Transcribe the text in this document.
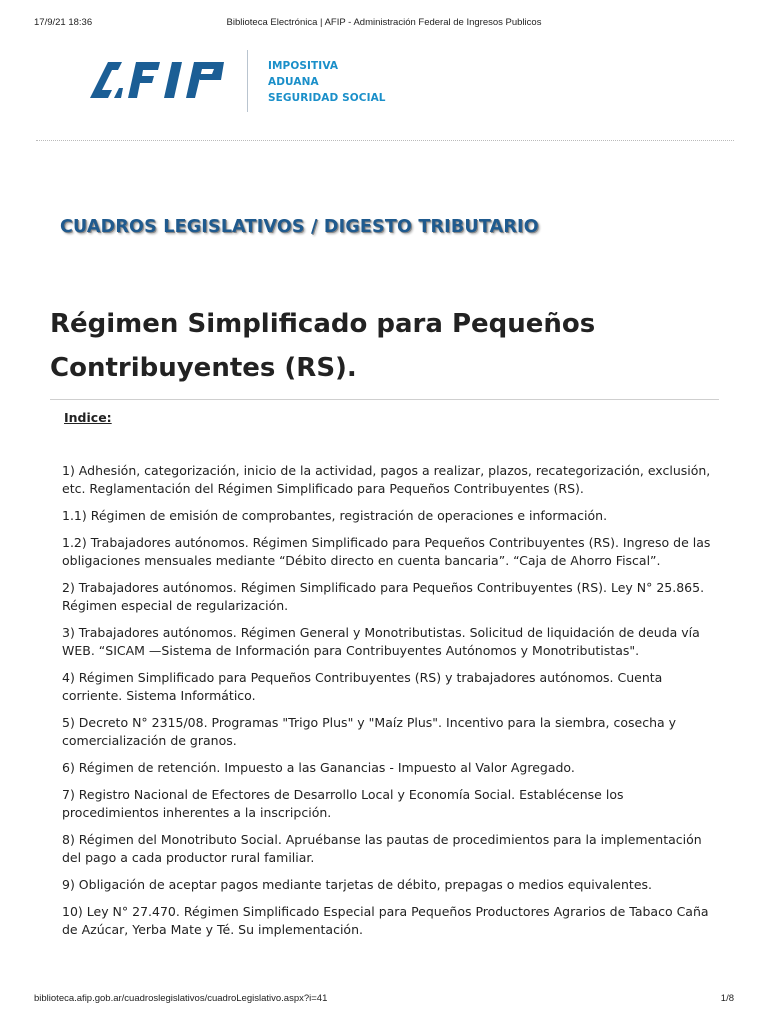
17/9/21 18:36	Biblioteca Electrónica | AFIP - Administración Federal de Ingresos Publicos
IMPOSITIVA
ADUANA
SEGURIDAD SOCIAL
CUADROS LEGISLATIVOS / DIGESTO TRIBUTARIO
Régimen Simplificado para Pequeños Contribuyentes (RS).
Indice:
1) Adhesión, categorización, inicio de la actividad, pagos a realizar, plazos, recategorización, exclusión, etc. Reglamentación del Régimen Simplificado para Pequeños Contribuyentes (RS).
1.1) Régimen de emisión de comprobantes, registración de operaciones e información.
1.2) Trabajadores autónomos. Régimen Simplificado para Pequeños Contribuyentes (RS). Ingreso de las obligaciones mensuales mediante “Débito directo en cuenta bancaria”. “Caja de Ahorro Fiscal”.
2) Trabajadores autónomos. Régimen Simplificado para Pequeños Contribuyentes (RS). Ley N° 25.865. Régimen especial de regularización.
3) Trabajadores autónomos. Régimen General y Monotributistas. Solicitud de liquidación de deuda vía WEB. “SICAM —Sistema de Información para Contribuyentes Autónomos y Monotributistas".
4) Régimen Simplificado para Pequeños Contribuyentes (RS) y trabajadores autónomos. Cuenta corriente. Sistema Informático.
5) Decreto N° 2315/08. Programas "Trigo Plus" y "Maíz Plus". Incentivo para la siembra, cosecha y comercialización de granos.
6) Régimen de retención. Impuesto a las Ganancias - Impuesto al Valor Agregado.
7) Registro Nacional de Efectores de Desarrollo Local y Economía Social. Establécense los procedimientos inherentes a la inscripción.
8) Régimen del Monotributo Social. Apruébanse las pautas de procedimientos para la implementación del pago a cada productor rural familiar.
9) Obligación de aceptar pagos mediante tarjetas de débito, prepagas o medios equivalentes.
10) Ley N° 27.470. Régimen Simplificado Especial para Pequeños Productores Agrarios de Tabaco Caña de Azúcar, Yerba Mate y Té. Su implementación.
biblioteca.afip.gob.ar/cuadroslegislativos/cuadroLegislativo.aspx?i=41	1/8
